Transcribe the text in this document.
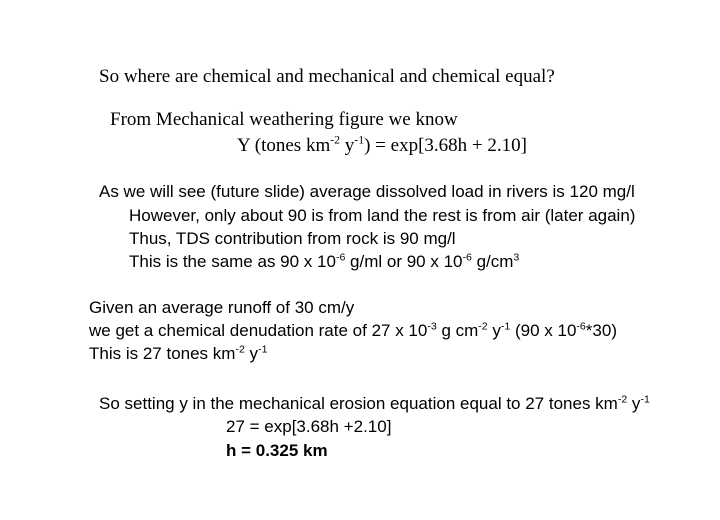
So where are chemical and mechanical and chemical equal?
From Mechanical weathering figure we know
Y (tones $km^{-2}$ $y^{-1}) = \exp[3.68h + 2.10]$
As we will see (future slide) average dissolved load in rivers is 120 mg/l
However, only about 90 is from land the rest is from air (later again)
Thus, TDS contribution from rock is 90 mg/l
This is the same as 90 x $10^{-6}$ g/ml or 90 x $10^{-6}$ $g/cm^3$
Given an average runoff of 30 cm/y
we get a chemical denudation rate of 27 x $10^{-3}$ g $cm^{-2}$ $y^{-1}$ (90 x $10^{-6}*30$)
This is 27 tones $km^{-2}$ $y^{-1}$
So setting y in the mechanical erosion equation equal to 27 tones $km^{-2}$ $y^{-1}$
27 = exp[3.68h +2.10]
h = 0.325 km
